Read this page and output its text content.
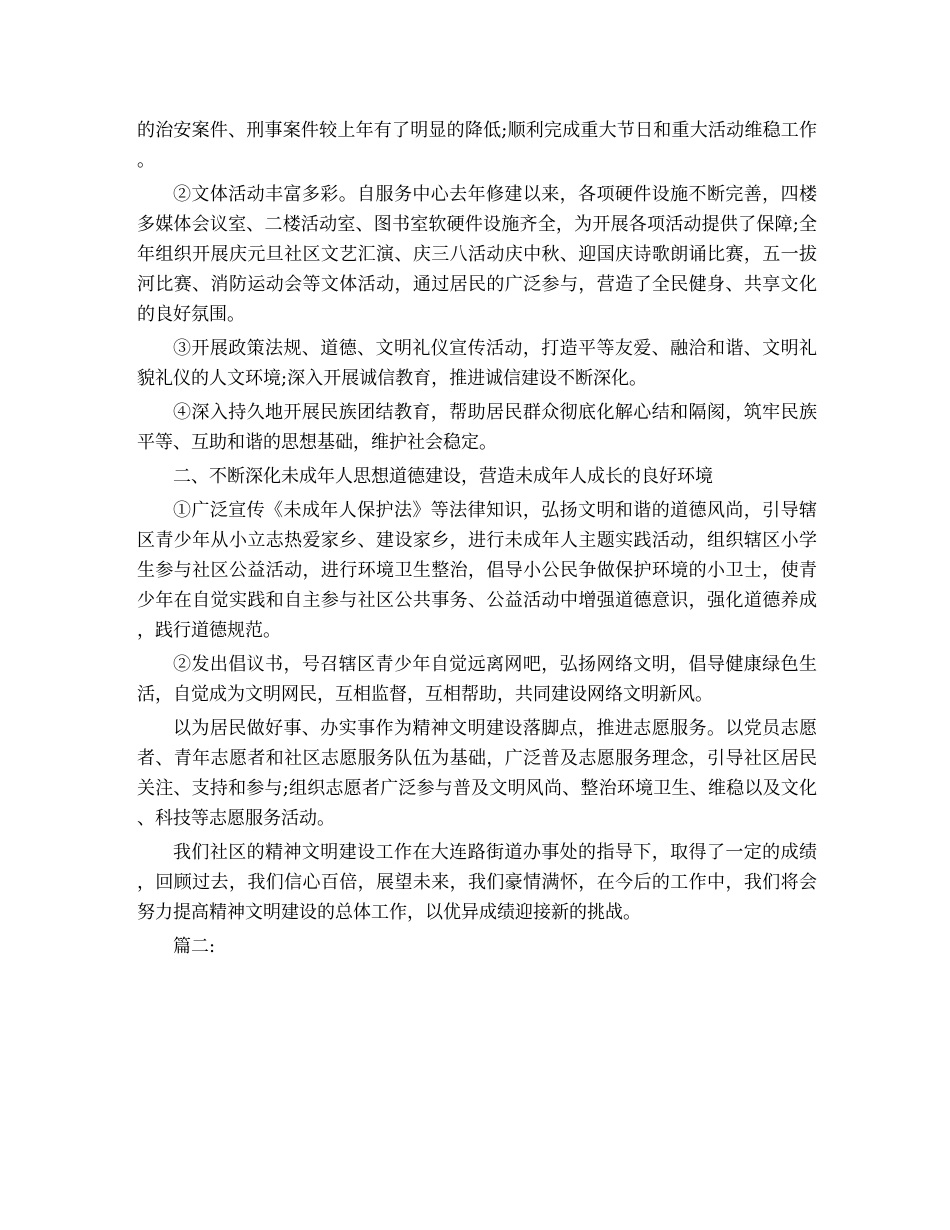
的治安案件、刑事案件较上年有了明显的降低;顺利完成重大节日和重大活动维稳工作。

②文体活动丰富多彩。自服务中心去年修建以来，各项硬件设施不断完善，四楼多媒体会议室、二楼活动室、图书室软硬件设施齐全，为开展各项活动提供了保障;全年组织开展庆元旦社区文艺汇演、庆三八活动庆中秋、迎国庆诗歌朗诵比赛，五一拔河比赛、消防运动会等文体活动，通过居民的广泛参与，营造了全民健身、共享文化的良好氛围。

③开展政策法规、道德、文明礼仪宣传活动，打造平等友爱、融洽和谐、文明礼貌礼仪的人文环境;深入开展诚信教育，推进诚信建设不断深化。

④深入持久地开展民族团结教育，帮助居民群众彻底化解心结和隔阂，筑牢民族平等、互助和谐的思想基础，维护社会稳定。

二、不断深化未成年人思想道德建设，营造未成年人成长的良好环境

①广泛宣传《未成年人保护法》等法律知识，弘扬文明和谐的道德风尚，引导辖区青少年从小立志热爱家乡、建设家乡，进行未成年人主题实践活动，组织辖区小学生参与社区公益活动，进行环境卫生整治，倡导小公民争做保护环境的小卫士，使青少年在自觉实践和自主参与社区公共事务、公益活动中增强道德意识，强化道德养成，践行道德规范。

②发出倡议书，号召辖区青少年自觉远离网吧，弘扬网络文明，倡导健康绿色生活，自觉成为文明网民，互相监督，互相帮助，共同建设网络文明新风。

以为居民做好事、办实事作为精神文明建设落脚点，推进志愿服务。以党员志愿者、青年志愿者和社区志愿服务队伍为基础，广泛普及志愿服务理念，引导社区居民关注、支持和参与;组织志愿者广泛参与普及文明风尚、整治环境卫生、维稳以及文化、科技等志愿服务活动。

我们社区的精神文明建设工作在大连路街道办事处的指导下，取得了一定的成绩，回顾过去，我们信心百倍，展望未来，我们豪情满怀，在今后的工作中，我们将会努力提高精神文明建设的总体工作，以优异成绩迎接新的挑战。

篇二:
